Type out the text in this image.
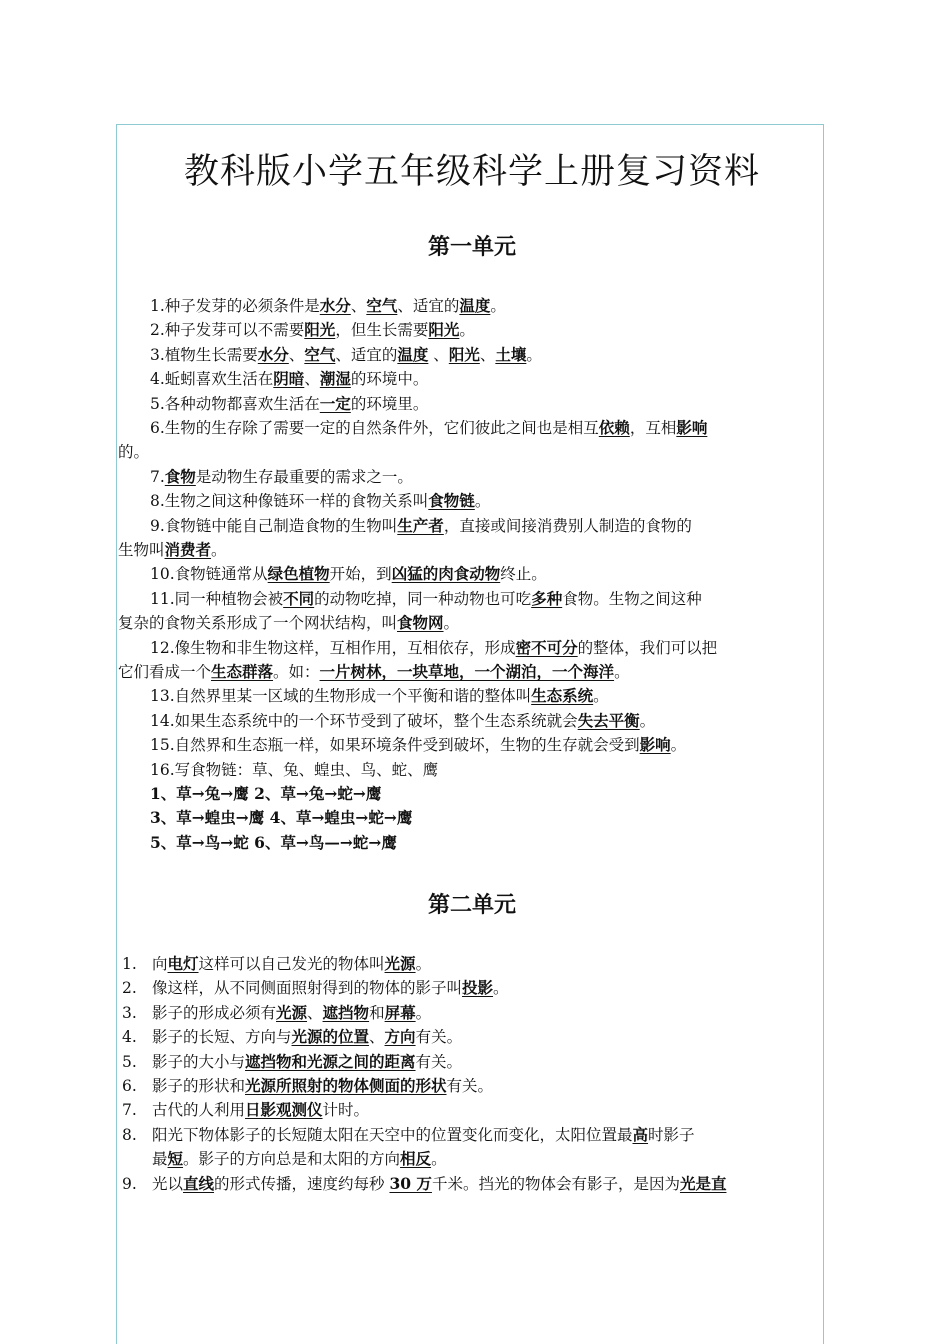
教科版小学五年级科学上册复习资料
第一单元

1.种子发芽的必须条件是水分、空气、适宜的温度。

2.种子发芽可以不需要阳光，但生长需要阳光。

3.植物生长需要水分、空气、适宜的温度 、阳光、土壤。

4.蚯蚓喜欢生活在阴暗、潮湿的环境中。

5.各种动物都喜欢生活在一定的环境里。

6.生物的生存除了需要一定的自然条件外，它们彼此之间也是相互依赖，互相影响

的。

7.食物是动物生存最重要的需求之一。

8.生物之间这种像链环一样的食物关系叫食物链。

9.食物链中能自己制造食物的生物叫生产者，直接或间接消费别人制造的食物的

生物叫消费者。

10.食物链通常从绿色植物开始，到凶猛的肉食动物终止。

11.同一种植物会被不同的动物吃掉，同一种动物也可吃多种食物。生物之间这种

复杂的食物关系形成了一个网状结构，叫食物网。

12.像生物和非生物这样，互相作用，互相依存，形成密不可分的整体，我们可以把

它们看成一个生态群落。如：一片树林，一块草地，一个湖泊，一个海洋。

13.自然界里某一区域的生物形成一个平衡和谐的整体叫生态系统。

14.如果生态系统中的一个环节受到了破坏，整个生态系统就会失去平衡。

15.自然界和生态瓶一样，如果环境条件受到破坏，生物的生存就会受到影响。

16.写食物链：草、兔、蝗虫、鸟、蛇、鹰

1、草→兔→鹰 2、草→兔→蛇→鹰

3、草→蝗虫→鹰 4、草→蝗虫→蛇→鹰

5、草→鸟→蛇 6、草→鸟—→蛇→鹰

第二单元

1. 向电灯这样可以自己发光的物体叫光源。

2. 像这样，从不同侧面照射得到的物体的影子叫投影。

3. 影子的形成必须有光源、遮挡物和屏幕。

4. 影子的长短、方向与光源的位置、方向有关。

5. 影子的大小与遮挡物和光源之间的距离有关。

6. 影子的形状和光源所照射的物体侧面的形状有关。

7. 古代的人利用日影观测仪计时。

8. 阳光下物体影子的长短随太阳在天空中的位置变化而变化，太阳位置最高时影子

最短。影子的方向总是和太阳的方向相反。

9. 光以直线的形式传播，速度约每秒 30 万千米。挡光的物体会有影子，是因为光是直
